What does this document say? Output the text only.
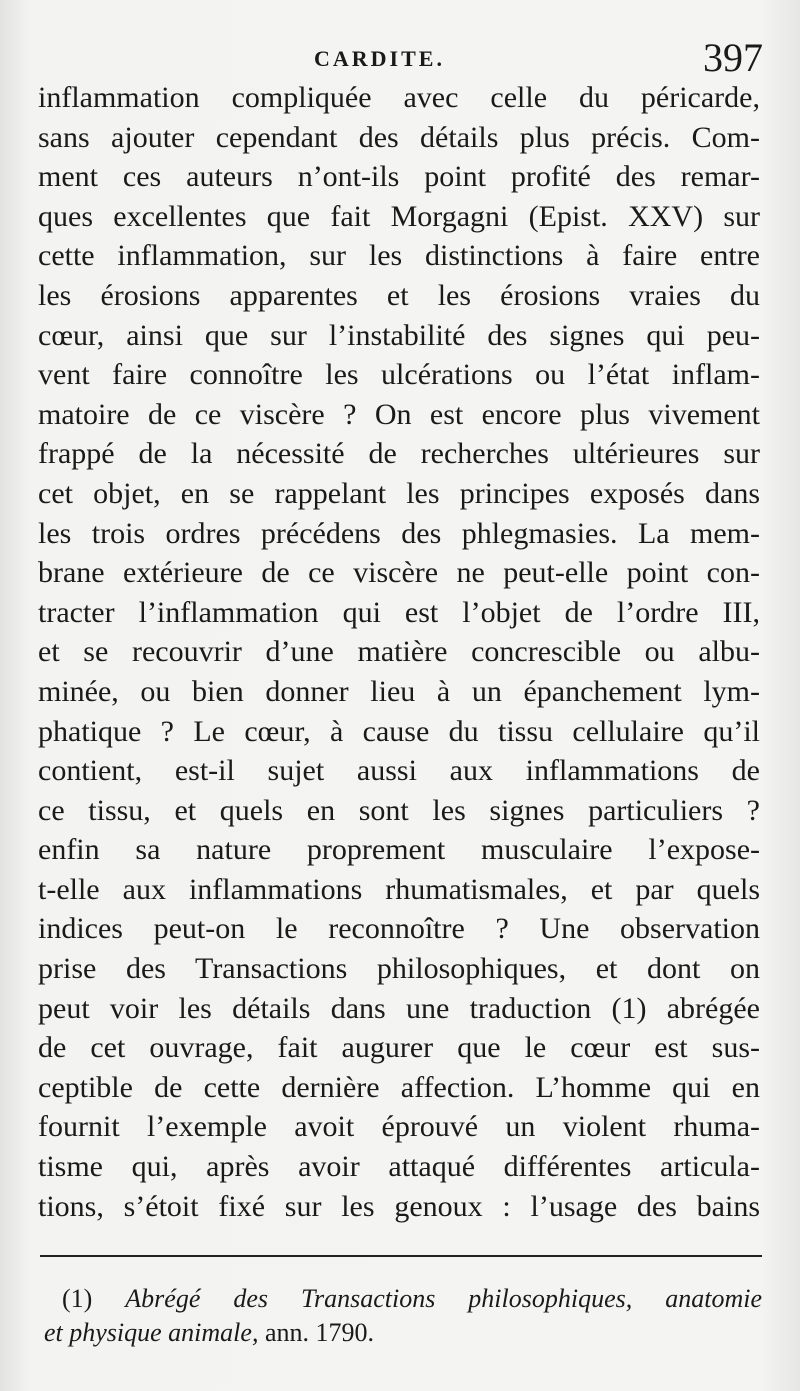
CARDITE.	397
inflammation compliquée avec celle du péricarde,
sans ajouter cependant des détails plus précis. Com-
ment ces auteurs n’ont-ils point profité des remar-
ques excellentes que fait Morgagni (Epist. XXV) sur
cette inflammation, sur les distinctions à faire entre
les érosions apparentes et les érosions vraies du
cœur, ainsi que sur l’instabilité des signes qui peu-
vent faire connoître les ulcérations ou l’état inflam-
matoire de ce viscère ? On est encore plus vivement
frappé de la nécessité de recherches ultérieures sur
cet objet, en se rappelant les principes exposés dans
les trois ordres précédens des phlegmasies. La mem-
brane extérieure de ce viscère ne peut-elle point con-
tracter l’inflammation qui est l’objet de l’ordre III,
et se recouvrir d’une matière concrescible ou albu-
minée, ou bien donner lieu à un épanchement lym-
phatique ? Le cœur, à cause du tissu cellulaire qu’il
contient, est-il sujet aussi aux inflammations de
ce tissu, et quels en sont les signes particuliers ?
enfin sa nature proprement musculaire l’expose-
t-elle aux inflammations rhumatismales, et par quels
indices peut-on le reconnoître ? Une observation
prise des Transactions philosophiques, et dont on
peut voir les détails dans une traduction (1) abrégée
de cet ouvrage, fait augurer que le cœur est sus-
ceptible de cette dernière affection. L’homme qui en
fournit l’exemple avoit éprouvé un violent rhuma-
tisme qui, après avoir attaqué différentes articula-
tions, s’étoit fixé sur les genoux : l’usage des bains
(1) Abrégé des Transactions philosophiques, anatomie
et physique animale, ann. 1790.
